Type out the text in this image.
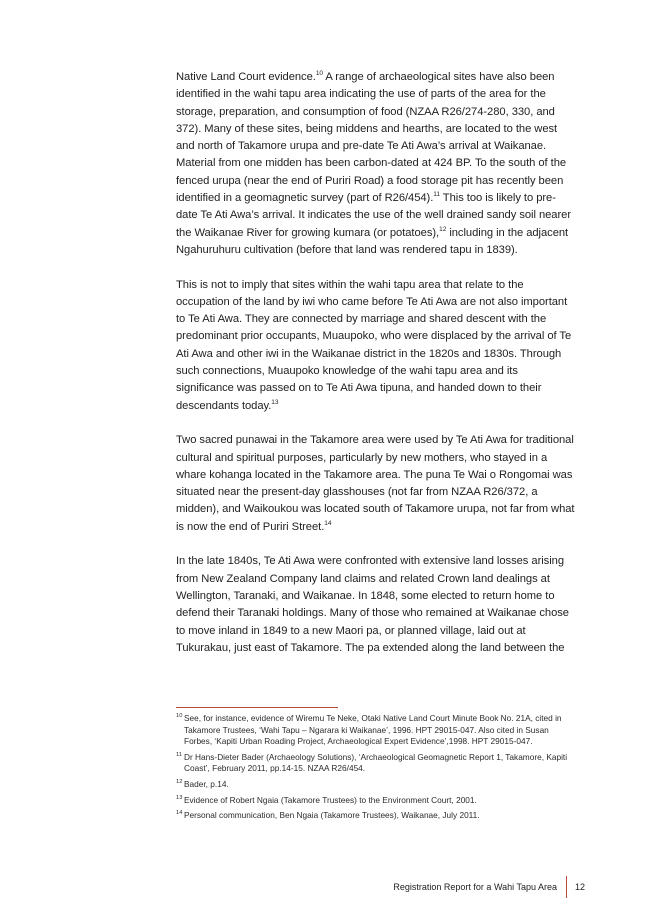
Native Land Court evidence.$^{10}$ A range of archaeological sites have also been identified in the wahi tapu area indicating the use of parts of the area for the storage, preparation, and consumption of food (NZAA R26/274-280, 330, and 372). Many of these sites, being middens and hearths, are located to the west and north of Takamore urupa and pre-date Te Ati Awa’s arrival at Waikanae. Material from one midden has been carbon-dated at 424 BP. To the south of the fenced urupa (near the end of Puriri Road) a food storage pit has recently been identified in a geomagnetic survey (part of R26/454).$^{11}$ This too is likely to pre-date Te Ati Awa’s arrival. It indicates the use of the well drained sandy soil nearer the Waikanae River for growing kumara (or potatoes),$^{12}$ including in the adjacent Ngahuruhuru cultivation (before that land was rendered tapu in 1839).

This is not to imply that sites within the wahi tapu area that relate to the occupation of the land by iwi who came before Te Ati Awa are not also important to Te Ati Awa. They are connected by marriage and shared descent with the predominant prior occupants, Muaupoko, who were displaced by the arrival of Te Ati Awa and other iwi in the Waikanae district in the 1820s and 1830s. Through such connections, Muaupoko knowledge of the wahi tapu area and its significance was passed on to Te Ati Awa tipuna, and handed down to their descendants today.$^{13}$

Two sacred punawai in the Takamore area were used by Te Ati Awa for traditional cultural and spiritual purposes, particularly by new mothers, who stayed in a whare kohanga located in the Takamore area. The puna Te Wai o Rongomai was situated near the present-day glasshouses (not far from NZAA R26/372, a midden), and Waikoukou was located south of Takamore urupa, not far from what is now the end of Puriri Street.$^{14}$

In the late 1840s, Te Ati Awa were confronted with extensive land losses arising from New Zealand Company land claims and related Crown land dealings at Wellington, Taranaki, and Waikanae. In 1848, some elected to return home to defend their Taranaki holdings. Many of those who remained at Waikanae chose to move inland in 1849 to a new Maori pa, or planned village, laid out at Tukurakau, just east of Takamore. The pa extended along the land between the

10 See, for instance, evidence of Wiremu Te Neke, Otaki Native Land Court Minute Book No. 21A, cited in Takamore Trustees, ‘Wahi Tapu – Ngarara ki Waikanae’, 1996. HPT 29015-047. Also cited in Susan Forbes, ‘Kapiti Urban Roading Project, Archaeological Expert Evidence’,1998. HPT 29015-047.
11 Dr Hans-Dieter Bader (Archaeology Solutions), ‘Archaeological Geomagnetic Report 1, Takamore, Kapiti Coast’, February 2011, pp.14-15. NZAA R26/454.
12 Bader, p.14.
13 Evidence of Robert Ngaia (Takamore Trustees) to the Environment Court, 2001.
14 Personal communication, Ben Ngaia (Takamore Trustees), Waikanae, July 2011.
Registration Report for a Wahi Tapu Area 12
